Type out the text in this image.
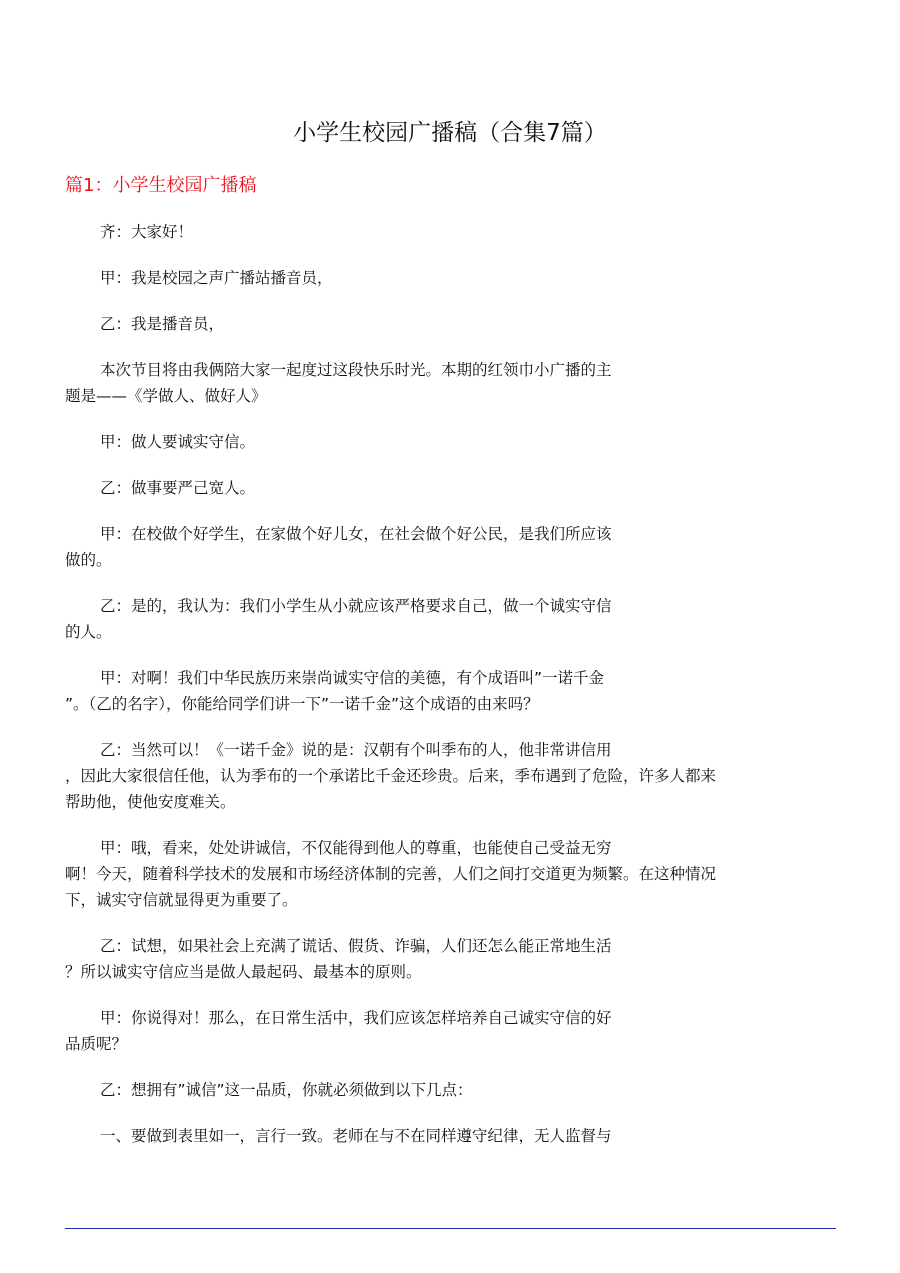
小学生校园广播稿（合集7篇）
篇1：小学生校园广播稿
齐：大家好！
甲：我是校园之声广播站播音员，
乙：我是播音员，
本次节目将由我俩陪大家一起度过这段快乐时光。本期的红领巾小广播的主
题是——《学做人、做好人》
甲：做人要诚实守信。
乙：做事要严己宽人。
甲：在校做个好学生，在家做个好儿女，在社会做个好公民，是我们所应该
做的。
乙：是的，我认为：我们小学生从小就应该严格要求自己，做一个诚实守信
的人。
甲：对啊！我们中华民族历来崇尚诚实守信的美德，有个成语叫”一诺千金
”。（乙的名字），你能给同学们讲一下”一诺千金”这个成语的由来吗？
乙：当然可以！《一诺千金》说的是：汉朝有个叫季布的人，他非常讲信用
，因此大家很信任他，认为季布的一个承诺比千金还珍贵。后来，季布遇到了危险，许多人都来
帮助他，使他安度难关。
甲：哦，看来，处处讲诚信，不仅能得到他人的尊重，也能使自己受益无穷
啊！今天，随着科学技术的发展和市场经济体制的完善，人们之间打交道更为频繁。在这种情况
下，诚实守信就显得更为重要了。
乙：试想，如果社会上充满了谎话、假货、诈骗，人们还怎么能正常地生活
？所以诚实守信应当是做人最起码、最基本的原则。
甲：你说得对！那么，在日常生活中，我们应该怎样培养自己诚实守信的好
品质呢？
乙：想拥有”诚信”这一品质，你就必须做到以下几点：
一、要做到表里如一，言行一致。老师在与不在同样遵守纪律，无人监督与
